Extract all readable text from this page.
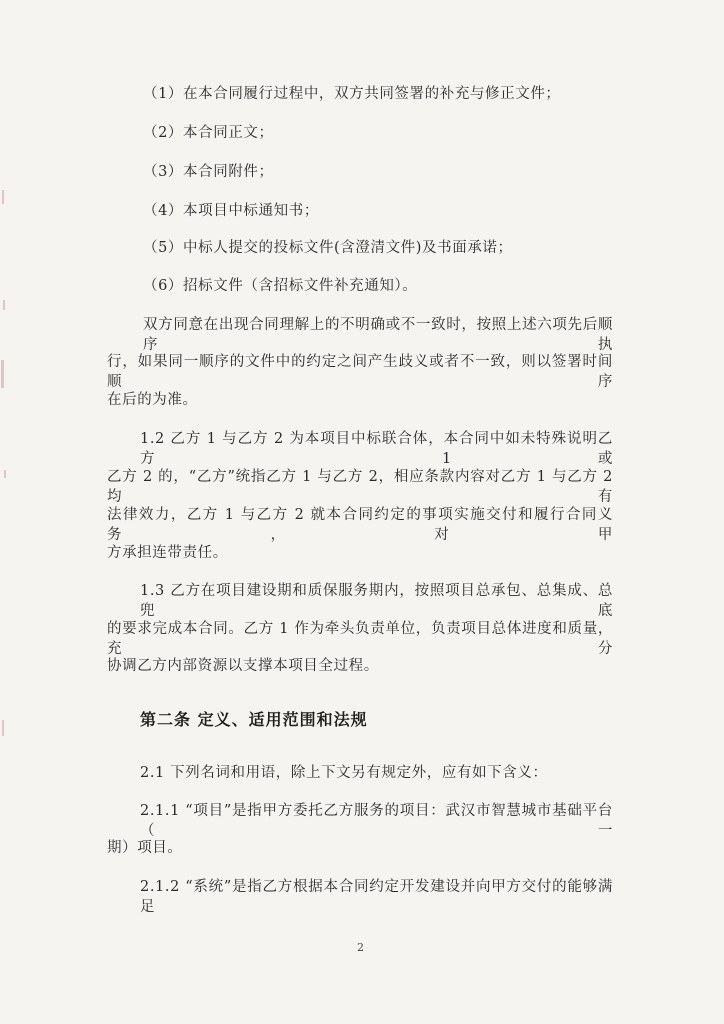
（1）在本合同履行过程中，双方共同签署的补充与修正文件；
（2）本合同正文；
（3）本合同附件；
（4）本项目中标通知书；
（5）中标人提交的投标文件(含澄清文件)及书面承诺；
（6）招标文件（含招标文件补充通知）。
双方同意在出现合同理解上的不明确或不一致时，按照上述六项先后顺序执
行，如果同一顺序的文件中的约定之间产生歧义或者不一致，则以签署时间顺序
在后的为准。
1.2 乙方 1 与乙方 2 为本项目中标联合体，本合同中如未特殊说明乙方 1 或
乙方 2 的，“乙方”统指乙方 1 与乙方 2，相应条款内容对乙方 1 与乙方 2 均有
法律效力，乙方 1 与乙方 2 就本合同约定的事项实施交付和履行合同义务，对甲
方承担连带责任。
1.3 乙方在项目建设期和质保服务期内，按照项目总承包、总集成、总兜底
的要求完成本合同。乙方 1 作为牵头负责单位，负责项目总体进度和质量，充分
协调乙方内部资源以支撑本项目全过程。
第二条 定义、适用范围和法规
2.1 下列名词和用语，除上下文另有规定外，应有如下含义：
2.1.1 “项目”是指甲方委托乙方服务的项目：武汉市智慧城市基础平台（一
期）项目。
2.1.2 “系统”是指乙方根据本合同约定开发建设并向甲方交付的能够满足
2
